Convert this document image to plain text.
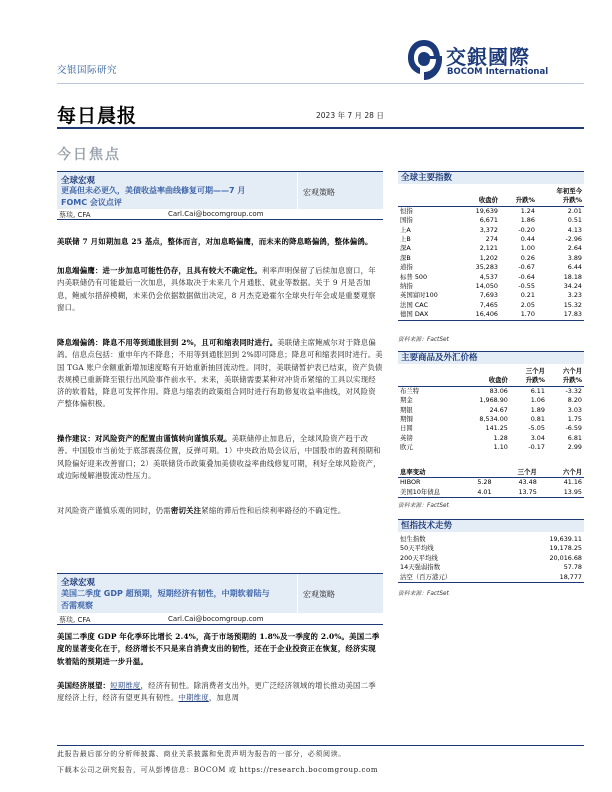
交银国际研究
交銀國際
BOCOM International
每日晨报	2023 年 7 月 28 日
今日焦点
全球宏观
更高但未必更久，美债收益率曲线修复可期——7 月 FOMC 会议点评
宏观策略
蔡琰, CFA	Carl.Cai@bocomgroup.com
美联储 7 月如期加息 25 基点，整体而言，对加息略偏鹰，而未来的降息略偏鸽，整体偏鸽。
加息端偏鹰：进一步加息可能性仍存，且具有较大不确定性。利率声明保留了后续加息窗口，年内美联储仍有可能最后一次加息，具体取决于未来几个月通胀、就业等数据。关于 9 月是否加息，鲍威尔措辞模糊，未来仍会依据数据做出决定，8 月杰克逊霍尔全球央行年会或是重要观察窗口。
降息端偏鸽：降息不用等到通胀回到 2%，且可和缩表同时进行。美联储主席鲍威尔对于降息偏鸽。信息点包括：重申年内不降息；不用等到通胀回到 2%即可降息；降息可和缩表同时进行。美国 TGA 账户余额重新增加速度略有开始重新抽回流动性。同时，美联储暂护表已结束，资产负债表规模已重新降至银行出风险事件前水平。未来，美联储需要某种对冲货币紧缩的工具以实现经济的软着陆，降息可发挥作用。降息与缩表的政策组合同时进行有助修复收益率曲线，对风险资产整体偏积极。
操作建议：对风险资产的配置由谨慎转向谨慎乐观。美联储停止加息后，全球风险资产趋于改善。中国股市当前处于底部震荡位置，反弹可期。1）中央政治局会议后，中国股市的盈利预期和风险偏好迎来改善窗口；2）美联储货币政策叠加美债收益率曲线修复可期，利好全球风险资产，或边际缓解港股流动性压力。
对风险资产谨慎乐观的同时，仍需密切关注紧缩的滞后性和后续利率路径的不确定性。
全球宏观
美国二季度 GDP 超预期，短期经济有韧性，中期软着陆与否需观察
宏观策略
蔡琰, CFA	Carl.Cai@bocomgroup.com
美国二季度 GDP 年化季环比增长 2.4%，高于市场预期的 1.8%及一季度的 2.0%。美国二季度的显著变化在于，经济增长不只是来自消费支出的韧性，还在于企业投资正在恢复，经济实现软着陆的预期进一步升温。
美国经济展望：短期维度，经济有韧性。除消费者支出外，更广泛经济领域的增长推动美国二季度经济上行，经济有望更具有韧性。中期维度，加息周
全球主要指数
			年初至今
	收盘价	升跌%	升跌%
恒指	19,639	1.24	2.01
国指	6,671	1.86	0.51
上A	3,372	-0.20	4.13
上B	274	0.44	-2.96
深A	2,121	1.00	2.64
深B	1,202	0.26	3.89
道指	35,283	-0.67	6.44
标普 500	4,537	-0.64	18.18
纳指	14,050	-0.55	34.24
英国富时100	7,693	0.21	3.23
法国 CAC	7,465	2.05	15.32
德国 DAX	16,406	1.70	17.83
资料来源：FactSet
主要商品及外汇价格
		三个月	六个月
	收盘价	升跌%	升跌%
布兰特	83.06	6.11	-3.32
期金	1,968.90	1.06	8.20
期银	24.67	1.89	3.03
期铜	8,534.00	0.81	1.75
日圆	141.25	-5.05	-6.59
英镑	1.28	3.04	6.81
欧元	1.10	-0.17	2.99
息率变动		三个月	六个月
HIBOR	5.28	43.48	41.16
美国10年债息	4.01	13.75	13.95
资料来源：FactSet
恒指技术走势
恒生指数	19,639.11
50天平均线	19,178.25
200天平均线	20,016.68
14天强弱指数	57.78
沽空（百万港元）	18,777
资料来源：FactSet
此报告最后部分的分析师披露、商业关系披露和免责声明为报告的一部分，必须阅读。
下载本公司之研究报告，可从彭博信息：BOCOM 或 https://research.bocomgroup.com
